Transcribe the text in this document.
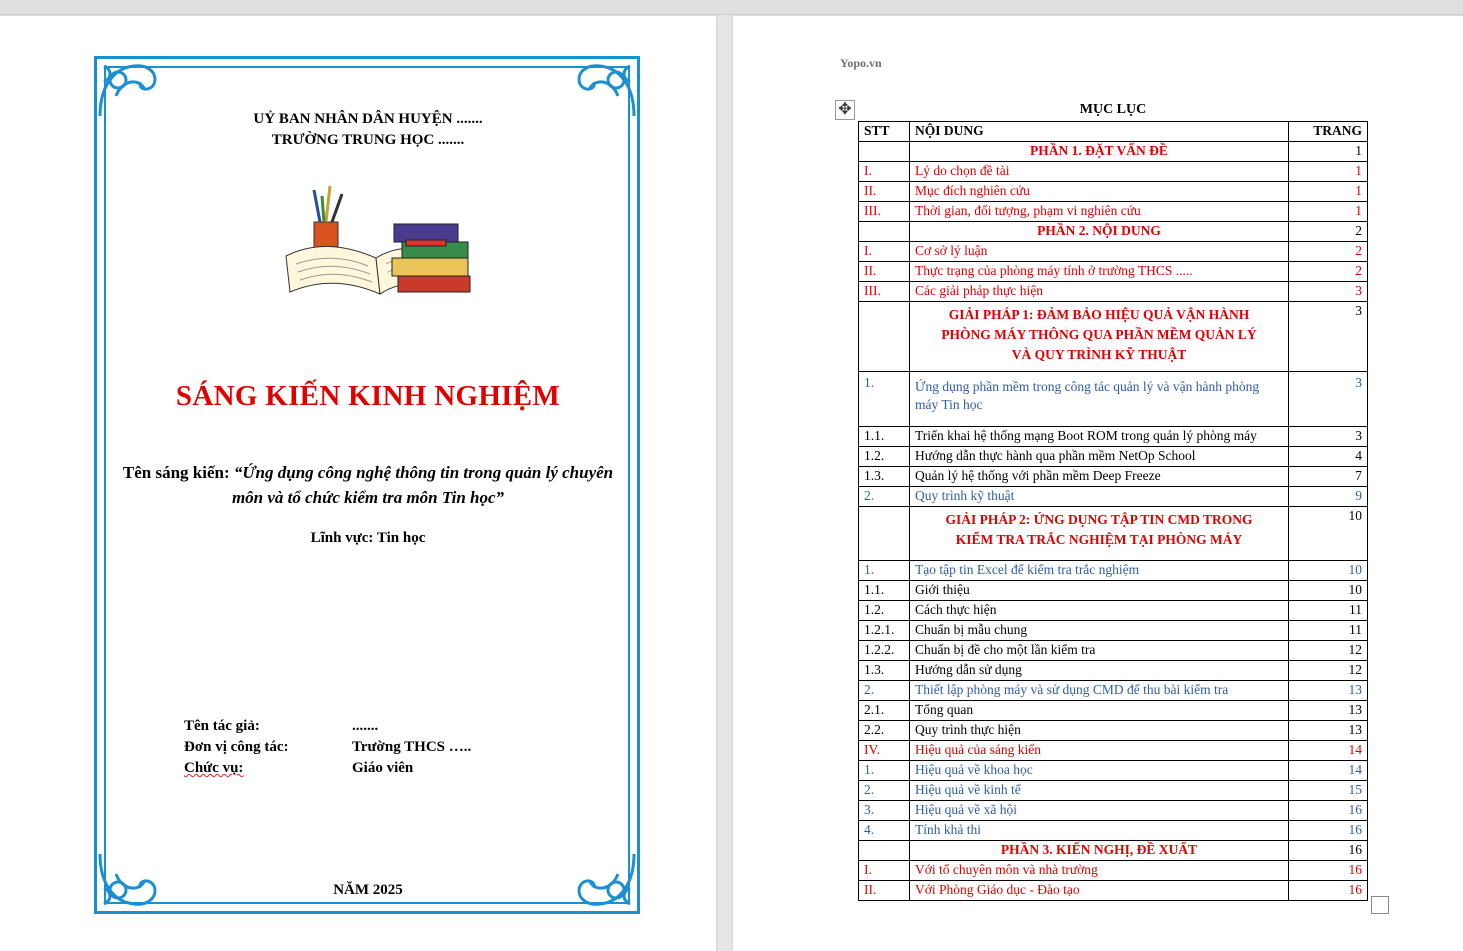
UỶ BAN NHÂN DÂN HUYỆN .......
TRƯỜNG TRUNG HỌC .......
SÁNG KIẾN KINH NGHIỆM
Tên sáng kiến: “Ứng dụng công nghệ thông tin trong quản lý chuyên
môn và tổ chức kiểm tra môn Tin học”
Lĩnh vực: Tin học
Tên tác giả:	.......
Đơn vị công tác:	Trường THCS …..
Chức vụ:	Giáo viên
NĂM 2025
Yopo.vn
✥	MỤC LỤC
STT	NỘI DUNG	TRANG
	PHẦN 1. ĐẶT VẤN ĐỀ	1
I.	Lý do chọn đề tài	1
II.	Mục đích nghiên cứu	1
III.	Thời gian, đối tượng, phạm vi nghiên cứu	1
	PHẦN 2. NỘI DUNG	2
I.	Cơ sở lý luận	2
II.	Thực trạng của phòng máy tính ở trường THCS .....	2
III.	Các giải pháp thực hiện	3
	GIẢI PHÁP 1: ĐẢM BẢO HIỆU QUẢ VẬN HÀNH PHÒNG MÁY THÔNG QUA PHẦN MỀM QUẢN LÝ VÀ QUY TRÌNH KỸ THUẬT	3
1.	Ứng dụng phần mềm trong công tác quản lý và vận hành phòng máy Tin học	3
1.1.	Triển khai hệ thống mạng Boot ROM trong quản lý phòng máy	3
1.2.	Hướng dẫn thực hành qua phần mềm NetOp School	4
1.3.	Quản lý hệ thống với phần mềm Deep Freeze	7
2.	Quy trình kỹ thuật	9
	GIẢI PHÁP 2: ỨNG DỤNG TẬP TIN CMD TRONG KIỂM TRA TRẮC NGHIỆM TẠI PHÒNG MÁY	10
1.	Tạo tập tin Excel để kiểm tra trắc nghiệm	10
1.1.	Giới thiệu	10
1.2.	Cách thực hiện	11
1.2.1.	Chuẩn bị mẫu chung	11
1.2.2.	Chuẩn bị đề cho một lần kiểm tra	12
1.3.	Hướng dẫn sử dụng	12
2.	Thiết lập phòng máy và sử dụng CMD để thu bài kiểm tra	13
2.1.	Tổng quan	13
2.2.	Quy trình thực hiện	13
IV.	Hiệu quả của sáng kiến	14
1.	Hiệu quả về khoa học	14
2.	Hiệu quả về kinh tế	15
3.	Hiệu quả về xã hội	16
4.	Tính khả thi	16
	PHẦN 3. KIẾN NGHỊ, ĐỀ XUẤT	16
I.	Với tổ chuyên môn và nhà trường	16
II.	Với Phòng Giáo dục - Đào tạo	16
